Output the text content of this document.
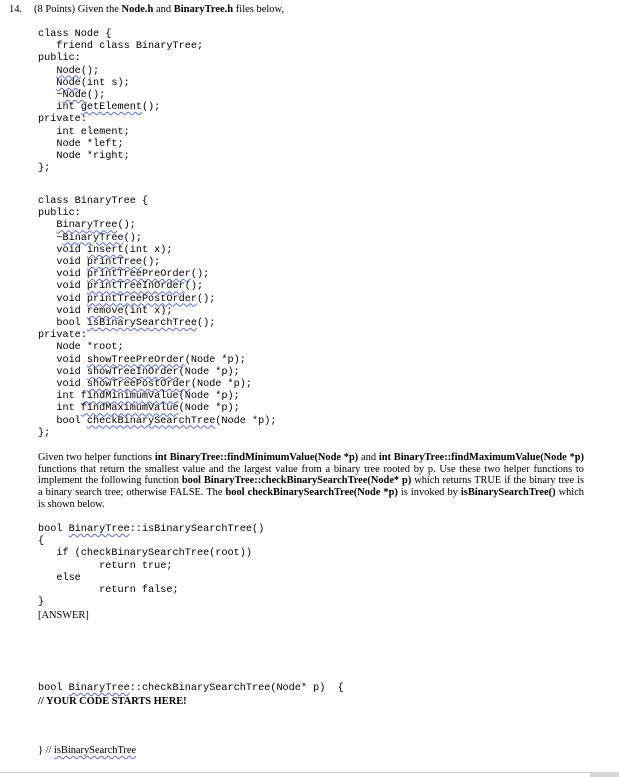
14. (8 Points) Given the Node.h and BinaryTree.h files below,
class Node {
friend class BinaryTree;
public:
Node();
Node(int s);
~Node();
int getElement();
private:
int element;
Node *left;
Node *right;
};
class BinaryTree {
public:
BinaryTree();
~BinaryTree();
void insert(int x);
void printTree();
void printTreePreOrder();
void printTreeInOrder();
void printTreePostOrder();
void remove(int x);
bool isBinarySearchTree();
private:
Node *root;
void showTreePreOrder(Node *p);
void showTreeInOrder(Node *p);
void showTreePostOrder(Node *p);
int findMinimumValue(Node *p);
int findMaximumValue(Node *p);
bool checkBinarySearchTree(Node *p);
};

Given two helper functions int BinaryTree::findMinimumValue(Node *p) and int BinaryTree::findMaximumValue(Node *p) functions that return the smallest value and the largest value from a binary tree rooted by p. Use these two helper functions to implement the following function bool BinaryTree::checkBinarySearchTree(Node* p) which returns TRUE if the binary tree is a binary search tree; otherwise FALSE. The bool checkBinarySearchTree(Node *p) is invoked by isBinarySearchTree() which is shown below.

bool BinaryTree::isBinarySearchTree()
{
if (checkBinarySearchTree(root))
return true;
else
return false;
}
[ANSWER]
bool BinaryTree::checkBinarySearchTree(Node* p)  {
// YOUR CODE STARTS HERE!
} // isBinarySearchTree
